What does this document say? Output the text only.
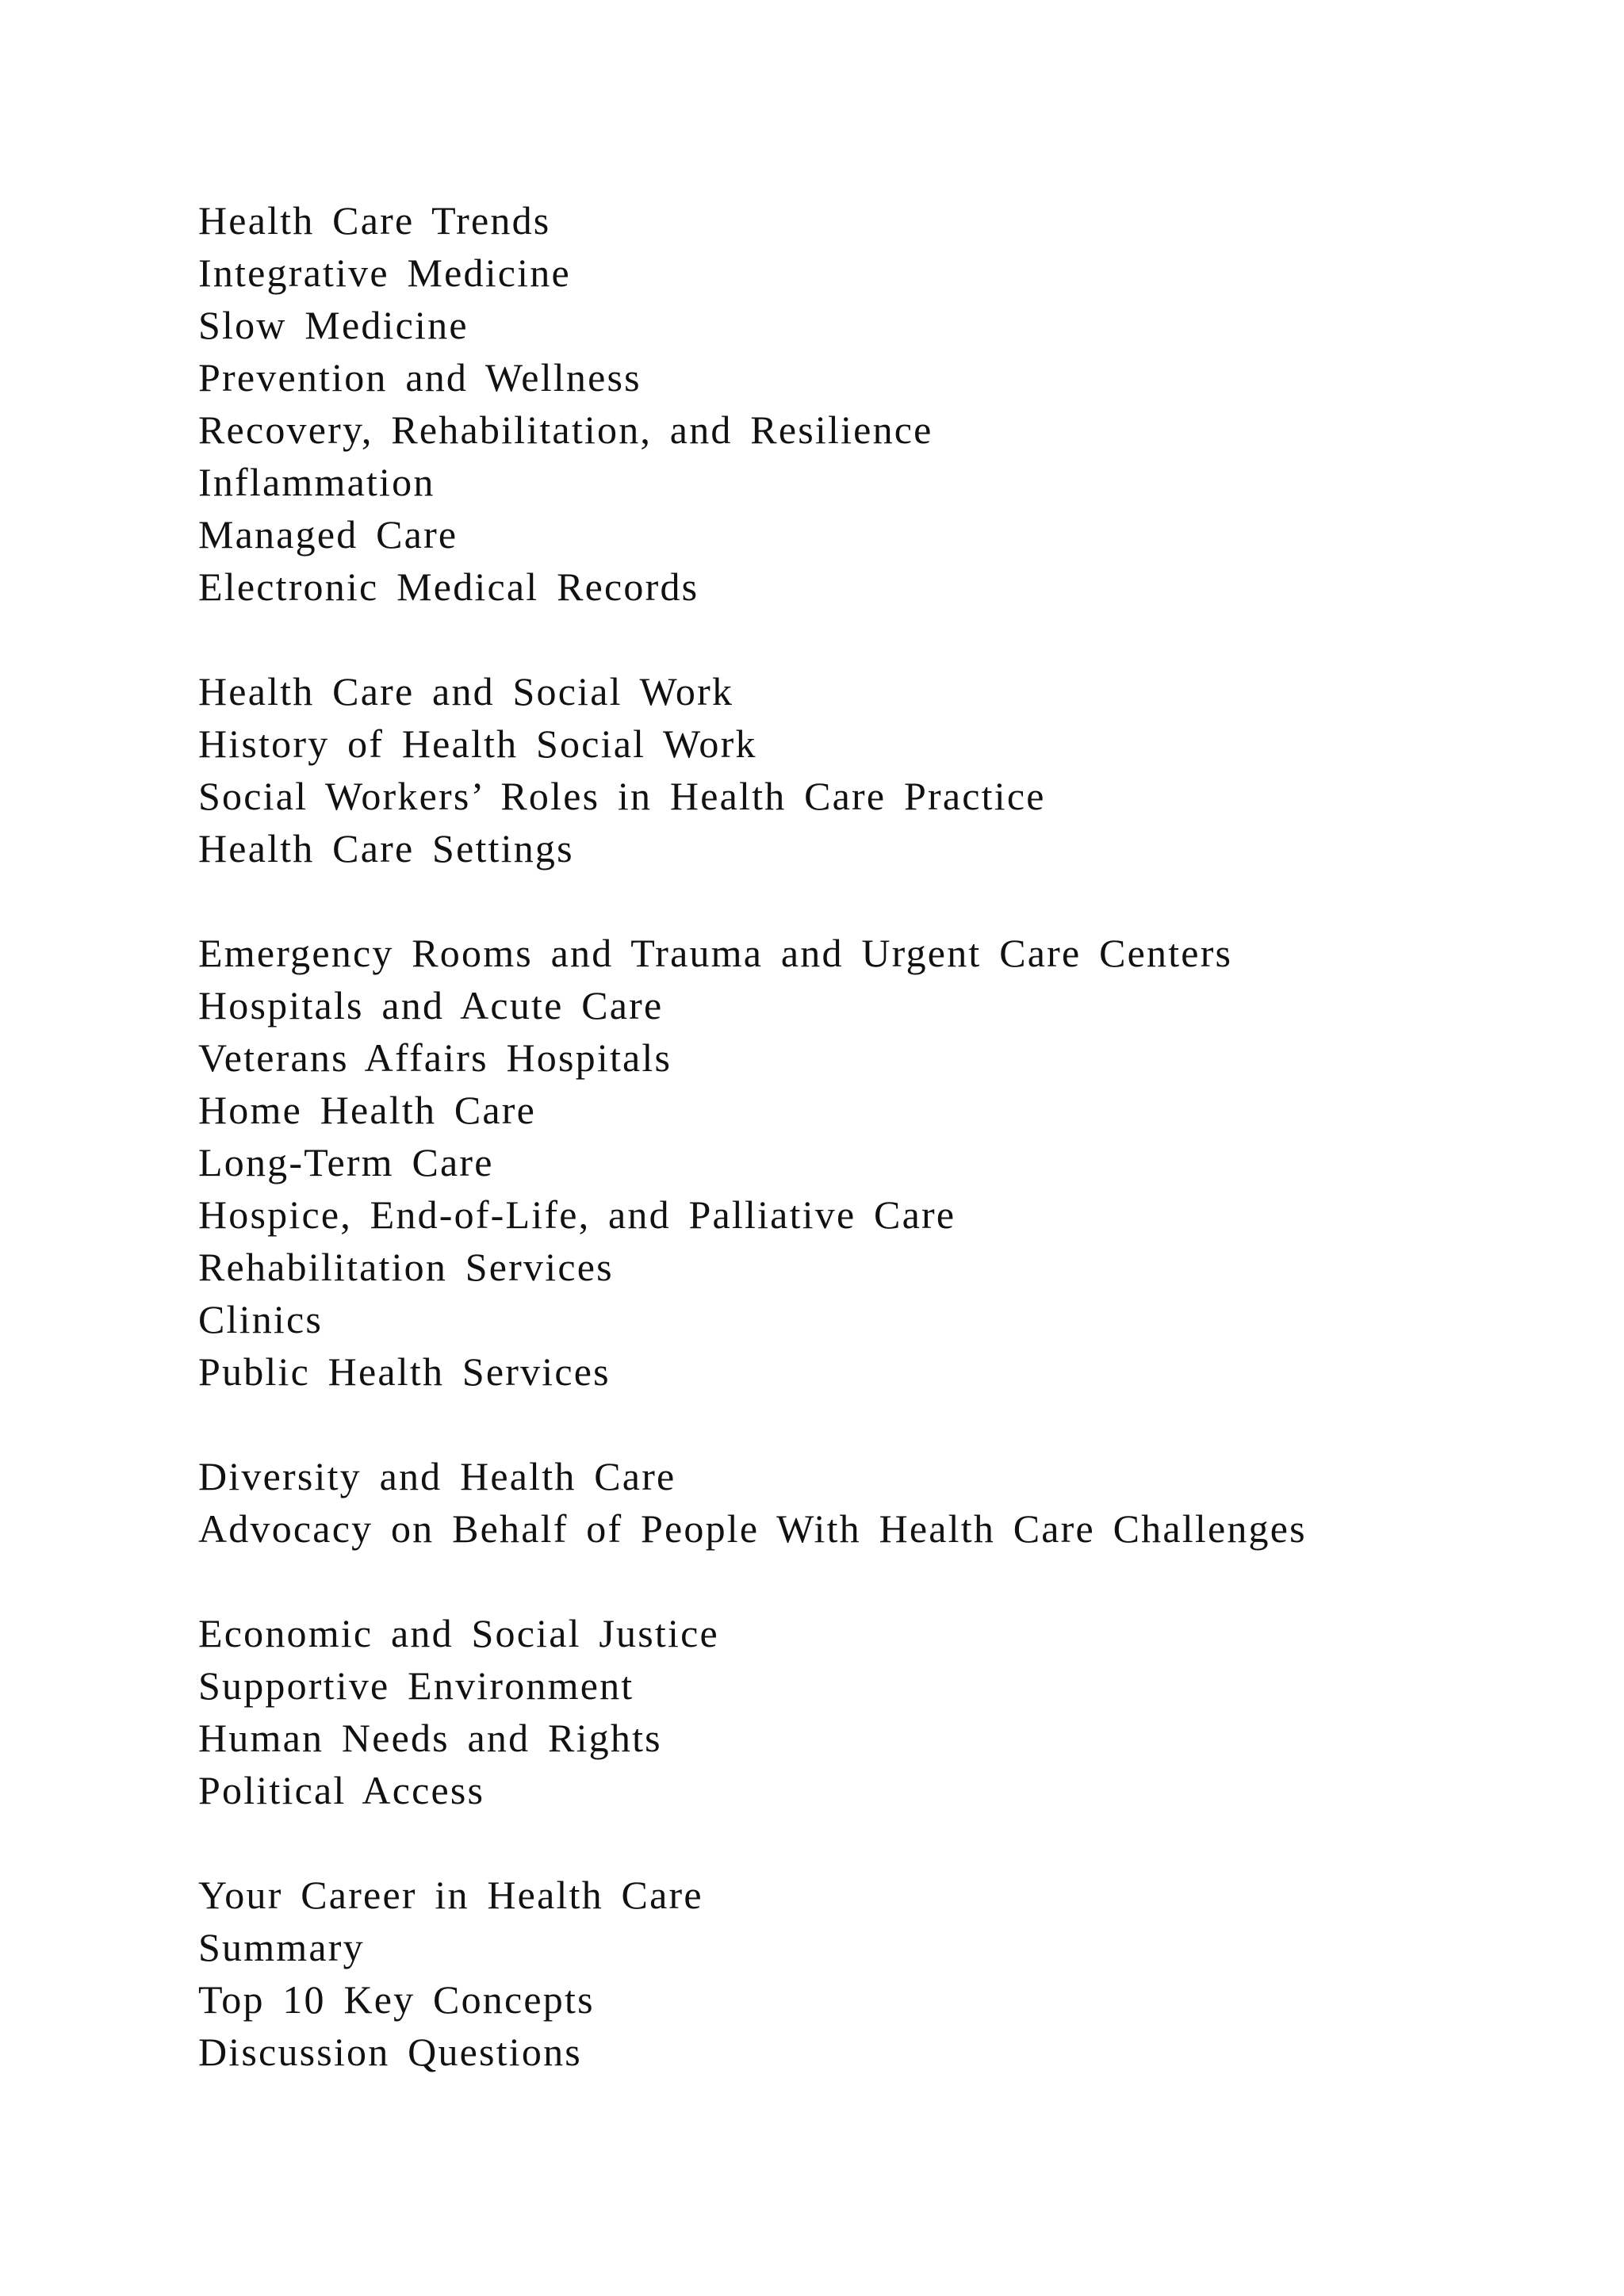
Health Care Trends
Integrative Medicine
Slow Medicine
Prevention and Wellness
Recovery, Rehabilitation, and Resilience
Inflammation
Managed Care
Electronic Medical Records
Health Care and Social Work
History of Health Social Work
Social Workers’ Roles in Health Care Practice
Health Care Settings
Emergency Rooms and Trauma and Urgent Care Centers
Hospitals and Acute Care
Veterans Affairs Hospitals
Home Health Care
Long-Term Care
Hospice, End-of-Life, and Palliative Care
Rehabilitation Services
Clinics
Public Health Services
Diversity and Health Care
Advocacy on Behalf of People With Health Care Challenges
Economic and Social Justice
Supportive Environment
Human Needs and Rights
Political Access
Your Career in Health Care
Summary
Top 10 Key Concepts
Discussion Questions
